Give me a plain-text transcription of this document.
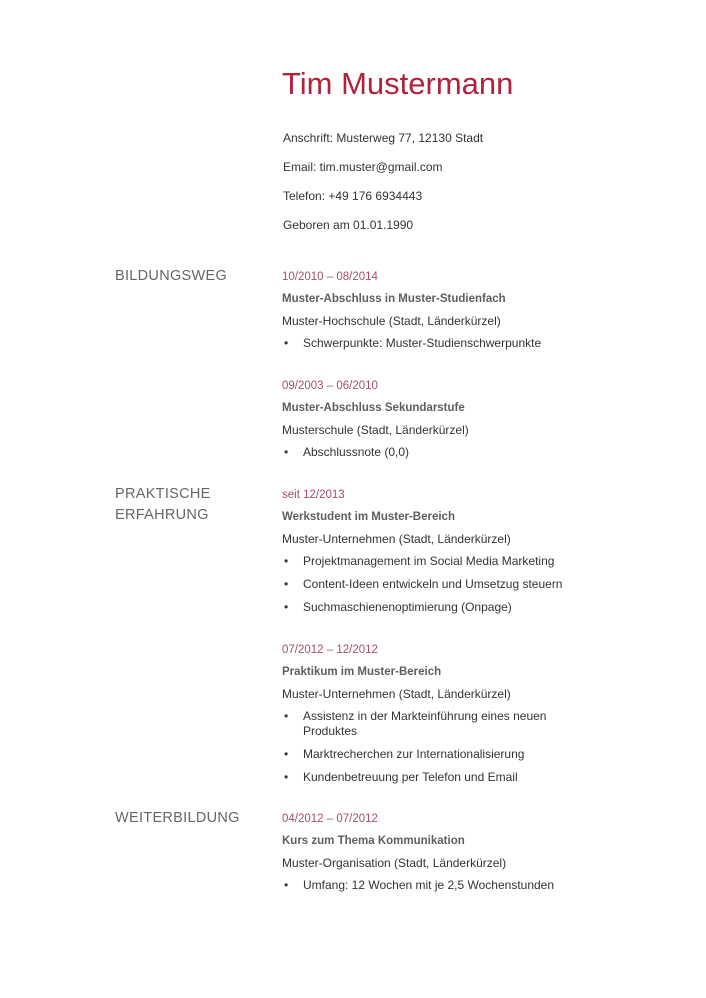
Tim Mustermann
Anschrift: Musterweg 77, 12130 Stadt
Email: tim.muster@gmail.com
Telefon: +49 176 6934443
Geboren am 01.01.1990
BILDUNGSWEG	10/2010 – 08/2014
Muster-Abschluss in Muster-Studienfach
Muster-Hochschule (Stadt, Länderkürzel)
• Schwerpunkte: Muster-Studienschwerpunkte
09/2003 – 06/2010
Muster-Abschluss Sekundarstufe
Musterschule (Stadt, Länderkürzel)
• Abschlussnote (0,0)
PRAKTISCHE
ERFAHRUNG
seit 12/2013
Werkstudent im Muster-Bereich
Muster-Unternehmen (Stadt, Länderkürzel)
• Projektmanagement im Social Media Marketing
• Content-Ideen entwickeln und Umsetzug steuern
• Suchmaschienenoptimierung (Onpage)
07/2012 – 12/2012
Praktikum im Muster-Bereich
Muster-Unternehmen (Stadt, Länderkürzel)
• Assistenz in der Markteinführung eines neuen Produktes
• Marktrecherchen zur Internationalisierung
• Kundenbetreuung per Telefon und Email
WEITERBILDUNG	04/2012 – 07/2012
Kurs zum Thema Kommunikation
Muster-Organisation (Stadt, Länderkürzel)
• Umfang: 12 Wochen mit je 2,5 Wochenstunden
